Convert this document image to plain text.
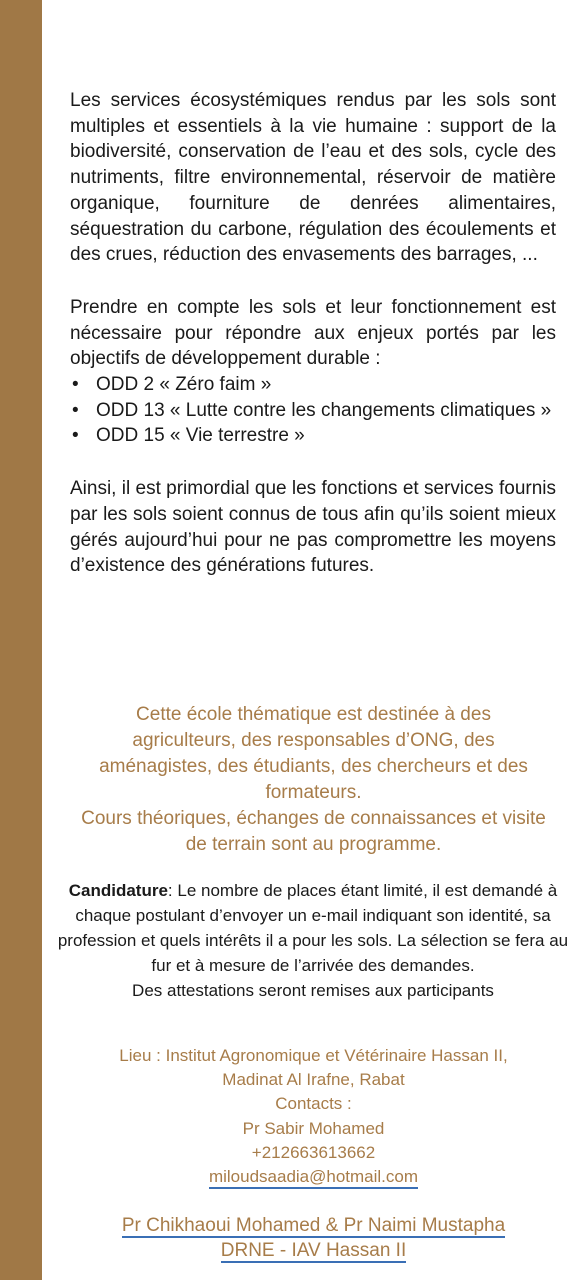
Les services écosystémiques rendus par les sols sont multiples et essentiels à la vie humaine : support de la biodiversité, conservation de l’eau et des sols, cycle des nutriments, filtre environnemental, réservoir de matière organique, fourniture de denrées alimentaires, séquestration du carbone, régulation des écoulements et des crues, réduction des envasements des barrages, ...

Prendre en compte les sols et leur fonctionnement est nécessaire pour répondre aux enjeux portés par les objectifs de développement durable :

• ODD 2 « Zéro faim »
• ODD 13 « Lutte contre les changements climatiques »
• ODD 15 « Vie terrestre »

Ainsi, il est primordial que les fonctions et services fournis par les sols soient connus de tous afin qu’ils soient mieux gérés aujourd’hui pour ne pas compromettre les moyens d’existence des générations futures.

Cette école thématique est destinée à des
agriculteurs, des responsables d’ONG, des
aménagistes, des étudiants, des chercheurs et des
formateurs.
Cours théoriques, échanges de connaissances et visite
de terrain sont au programme.
Candidature: Le nombre de places étant limité, il est demandé à chaque postulant d’envoyer un e-mail indiquant son identité, sa profession et quels intérêts il a pour les sols. La sélection se fera au fur et à mesure de l’arrivée des demandes.
Des attestations seront remises aux participants
Lieu : Institut Agronomique et Vétérinaire Hassan II,
Madinat Al Irafne, Rabat
Contacts :
Pr Sabir Mohamed
+212663613662
miloudsaadia@hotmail.com
Pr Chikhaoui Mohamed & Pr Naimi Mustapha
DRNE - IAV Hassan II
